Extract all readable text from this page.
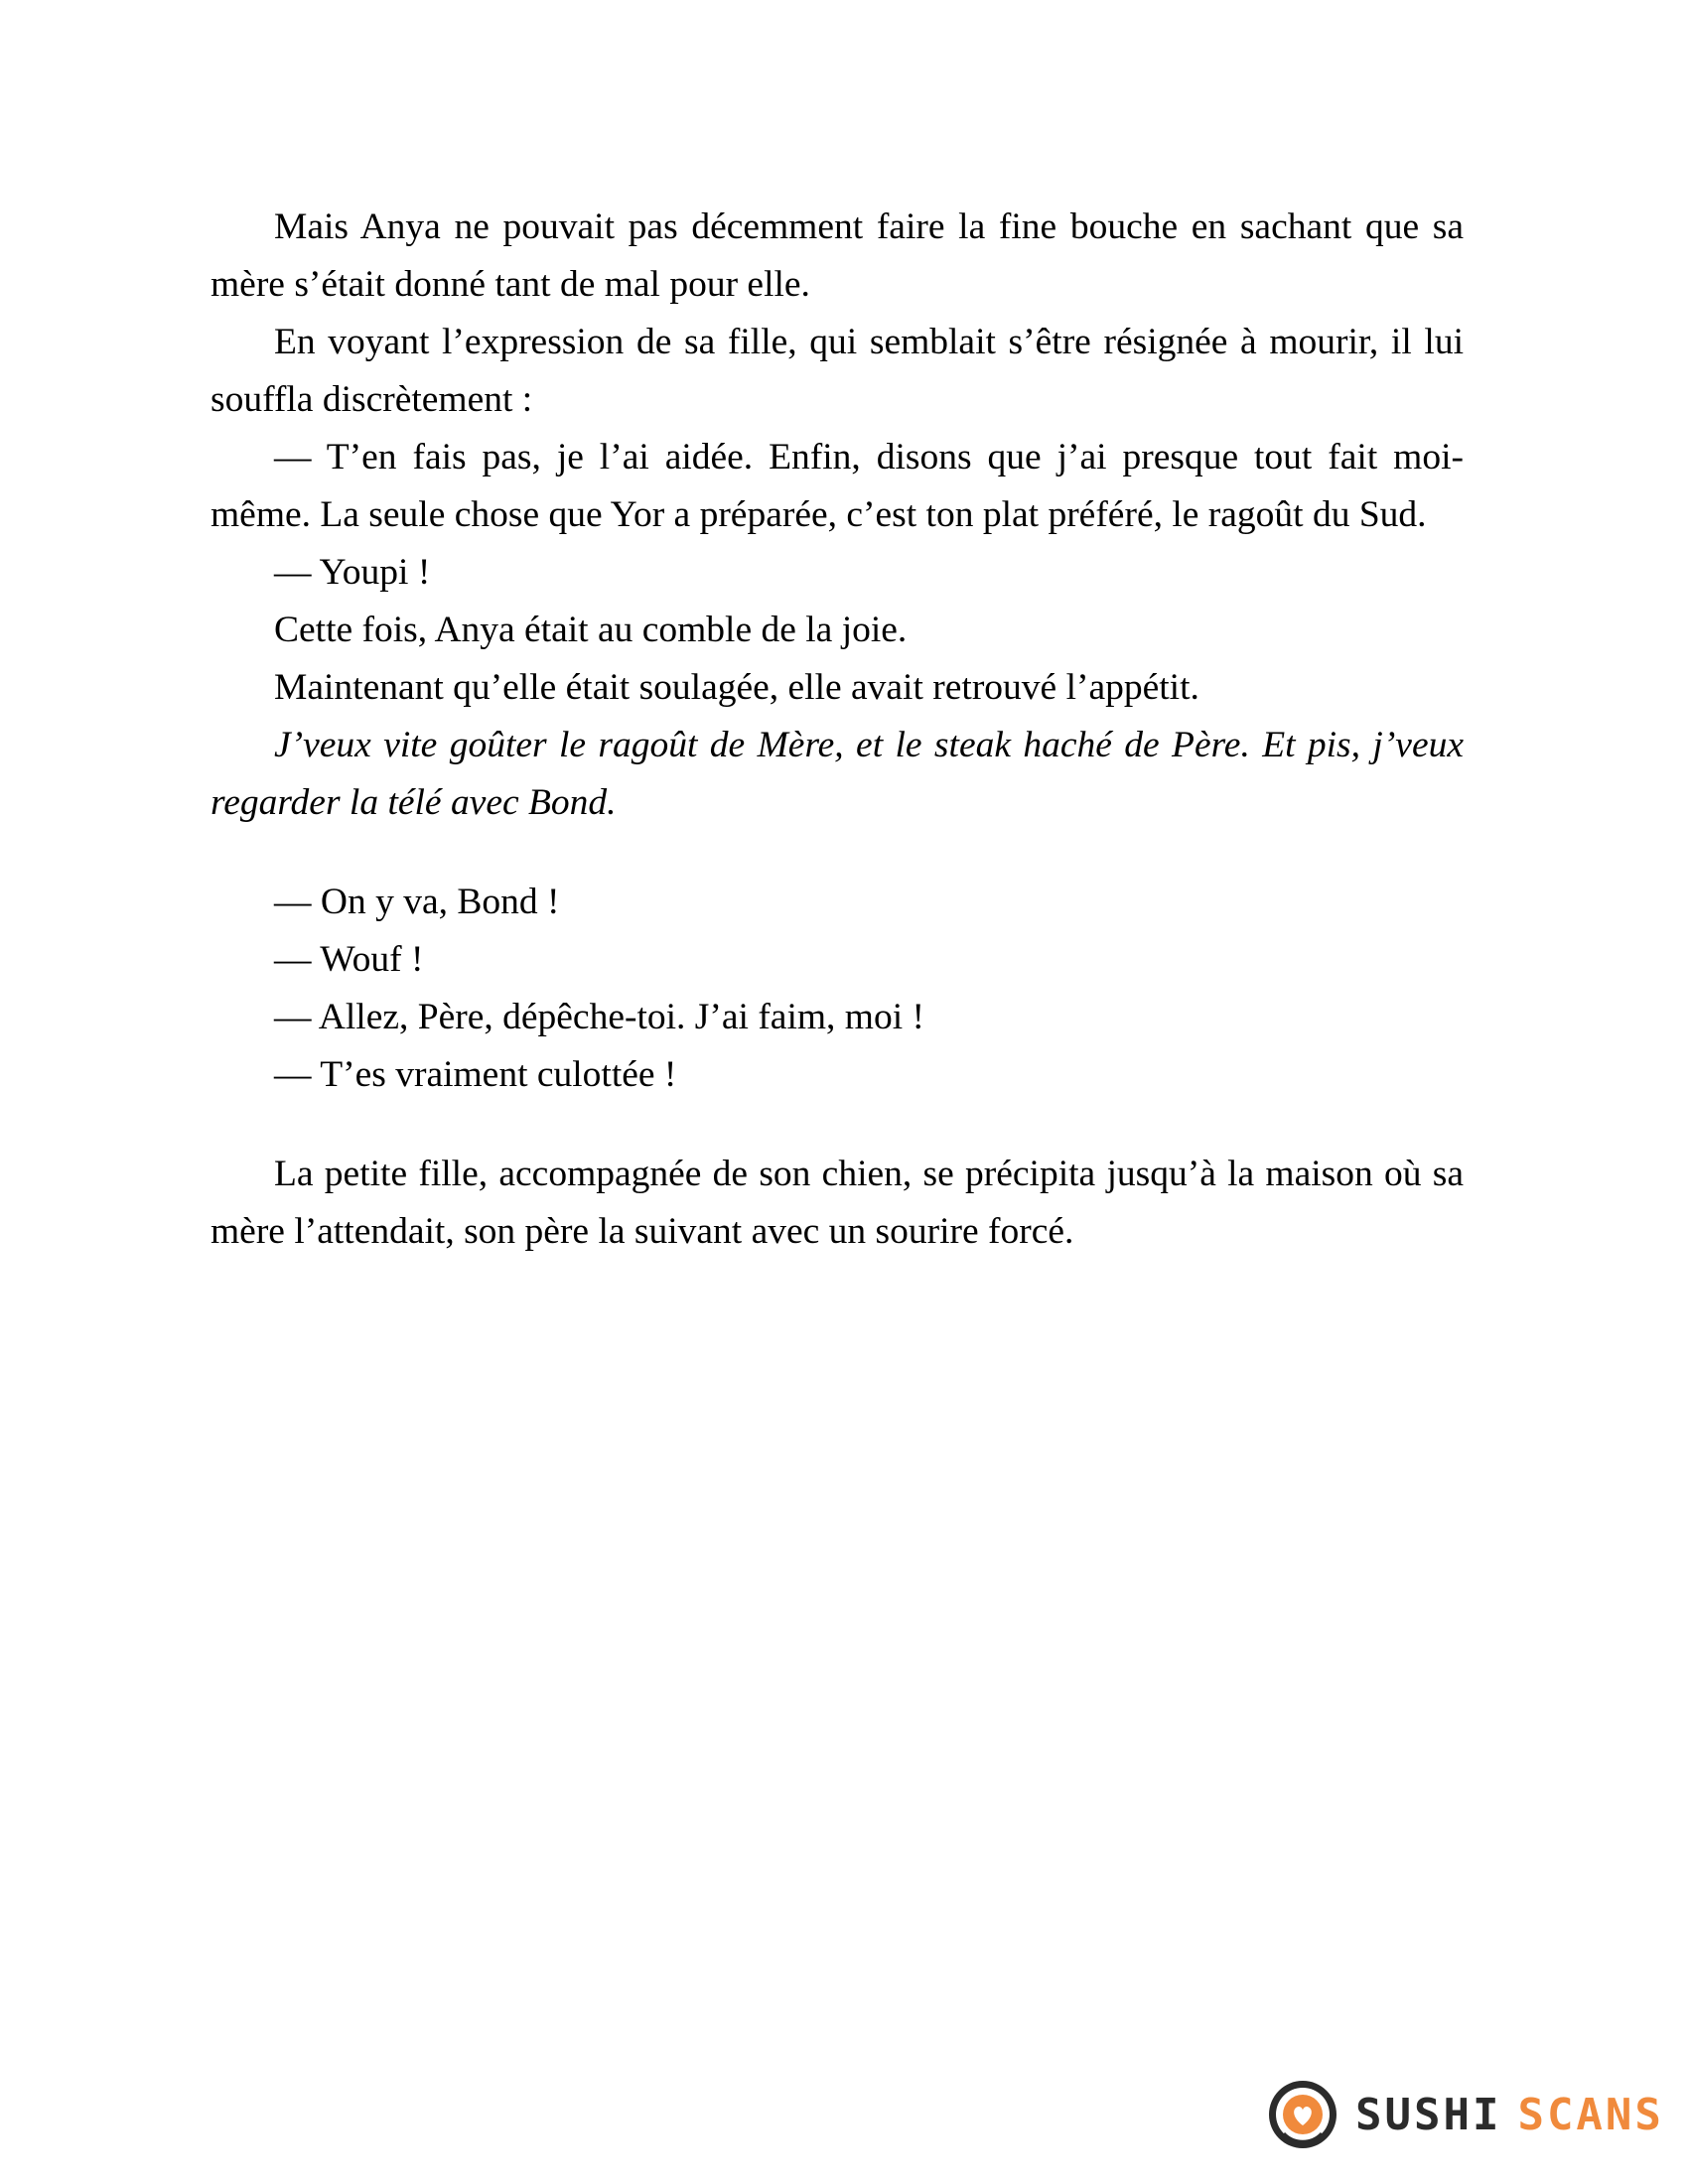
Mais Anya ne pouvait pas décemment faire la fine bouche en sachant que sa mère s’était donné tant de mal pour elle.

En voyant l’expression de sa fille, qui semblait s’être résignée à mourir, il lui souffla discrètement :

— T’en fais pas, je l’ai aidée. Enfin, disons que j’ai presque tout fait moi-même. La seule chose que Yor a préparée, c’est ton plat préféré, le ragoût du Sud.

— Youpi !

Cette fois, Anya était au comble de la joie.

Maintenant qu’elle était soulagée, elle avait retrouvé l’appétit.

J’veux vite goûter le ragoût de Mère, et le steak haché de Père. Et pis, j’veux regarder la télé avec Bond.

— On y va, Bond !

— Wouf !

— Allez, Père, dépêche-toi. J’ai faim, moi !

— T’es vraiment culottée !

La petite fille, accompagnée de son chien, se précipita jusqu’à la maison où sa mère l’attendait, son père la suivant avec un sourire forcé.

SUSHI SCANS
